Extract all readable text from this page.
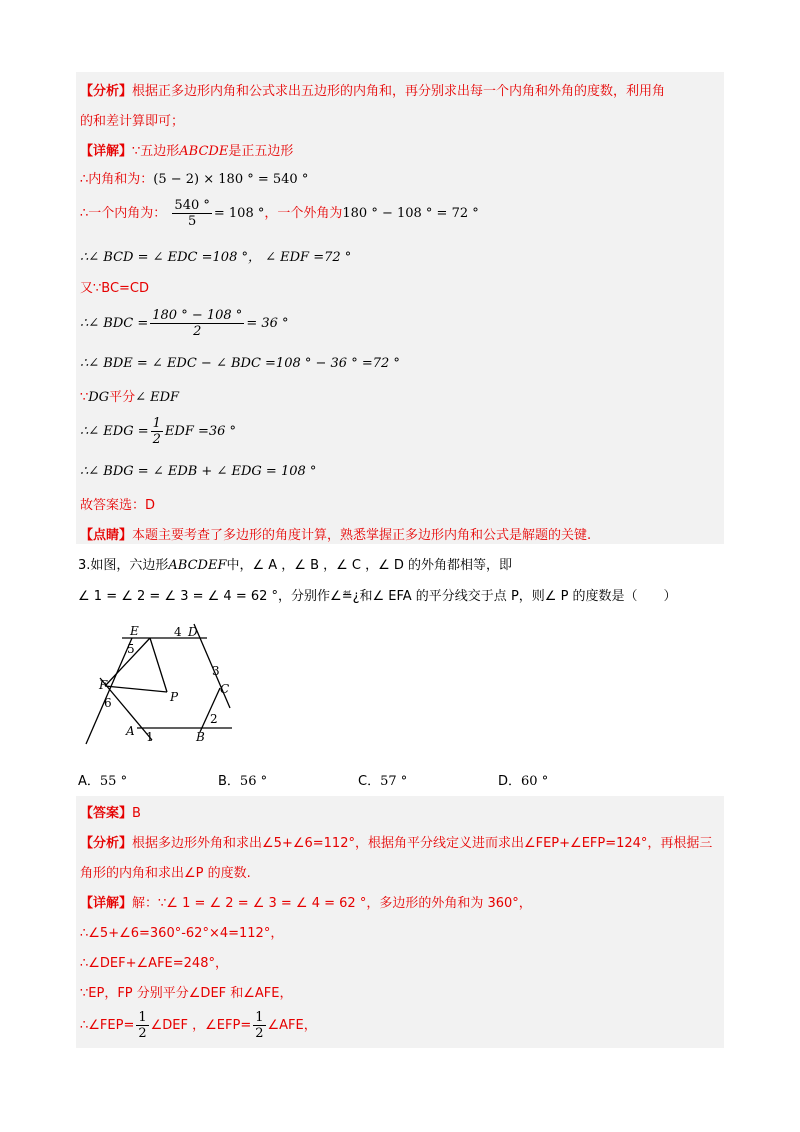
【分析】根据正多边形内角和公式求出五边形的内角和，再分别求出每一个内角和外角的度数，利用角
的和差计算即可；
【详解】∵五边形ABCDE是正五边形
∴内角和为：(5 − 2) × 180 ° = 540 °
∴一个内角为： $\frac{540 ^\circ}{5} = 108$ °，一个外角为180 ° − 108 ° = 72 °
∴∠ BCD = ∠ EDC =108 °， ∠ EDF =72 °
又∵BC=CD
∴∠ BDC = $\frac{180 ^\circ - 108 ^\circ}{2} = 36$ °
∴∠ BDE = ∠ EDC − ∠ BDC =108 ° − 36 ° =72 °
∵DG平分∠ EDF
∴∠ EDG = $\frac{1}{2}$ EDF =36 °
∴∠ BDG = ∠ EDB + ∠ EDG = 108 °
故答案选：D
【点睛】本题主要考查了多边形的角度计算，熟悉掌握正多边形内角和公式是解题的关键.
3.如图，六边形ABCDEF中，∠ A ，∠ B ，∠ C ，∠ D 的外角都相等，即
∠ 1 = ∠ 2 = ∠ 3 = ∠ 4 = 62 °，分别作∠≝¿和∠ EFA 的平分线交于点 P，则∠ P 的度数是（　　）
E	4 D
5
3
F	C
P
6
2
A 1	B
A．55 °	B．56 °	C．57 °	D．60 °
【答案】B
【分析】根据多边形外角和求出∠5+∠6=112°，根据角平分线定义进而求出∠FEP+∠EFP=124°，再根据三
角形的内角和求出∠P 的度数.
【详解】解：∵∠ 1 = ∠ 2 = ∠ 3 = ∠ 4 = 62 °，多边形的外角和为 360°，
∴∠5+∠6=360°-62°×4=112°，
∴∠DEF+∠AFE=248°，
∵EP，FP 分别平分∠DEF 和∠AFE，
∴∠FEP= $\frac{1}{2}$ ∠DEF ，∠EFP= $\frac{1}{2}$ ∠AFE，
